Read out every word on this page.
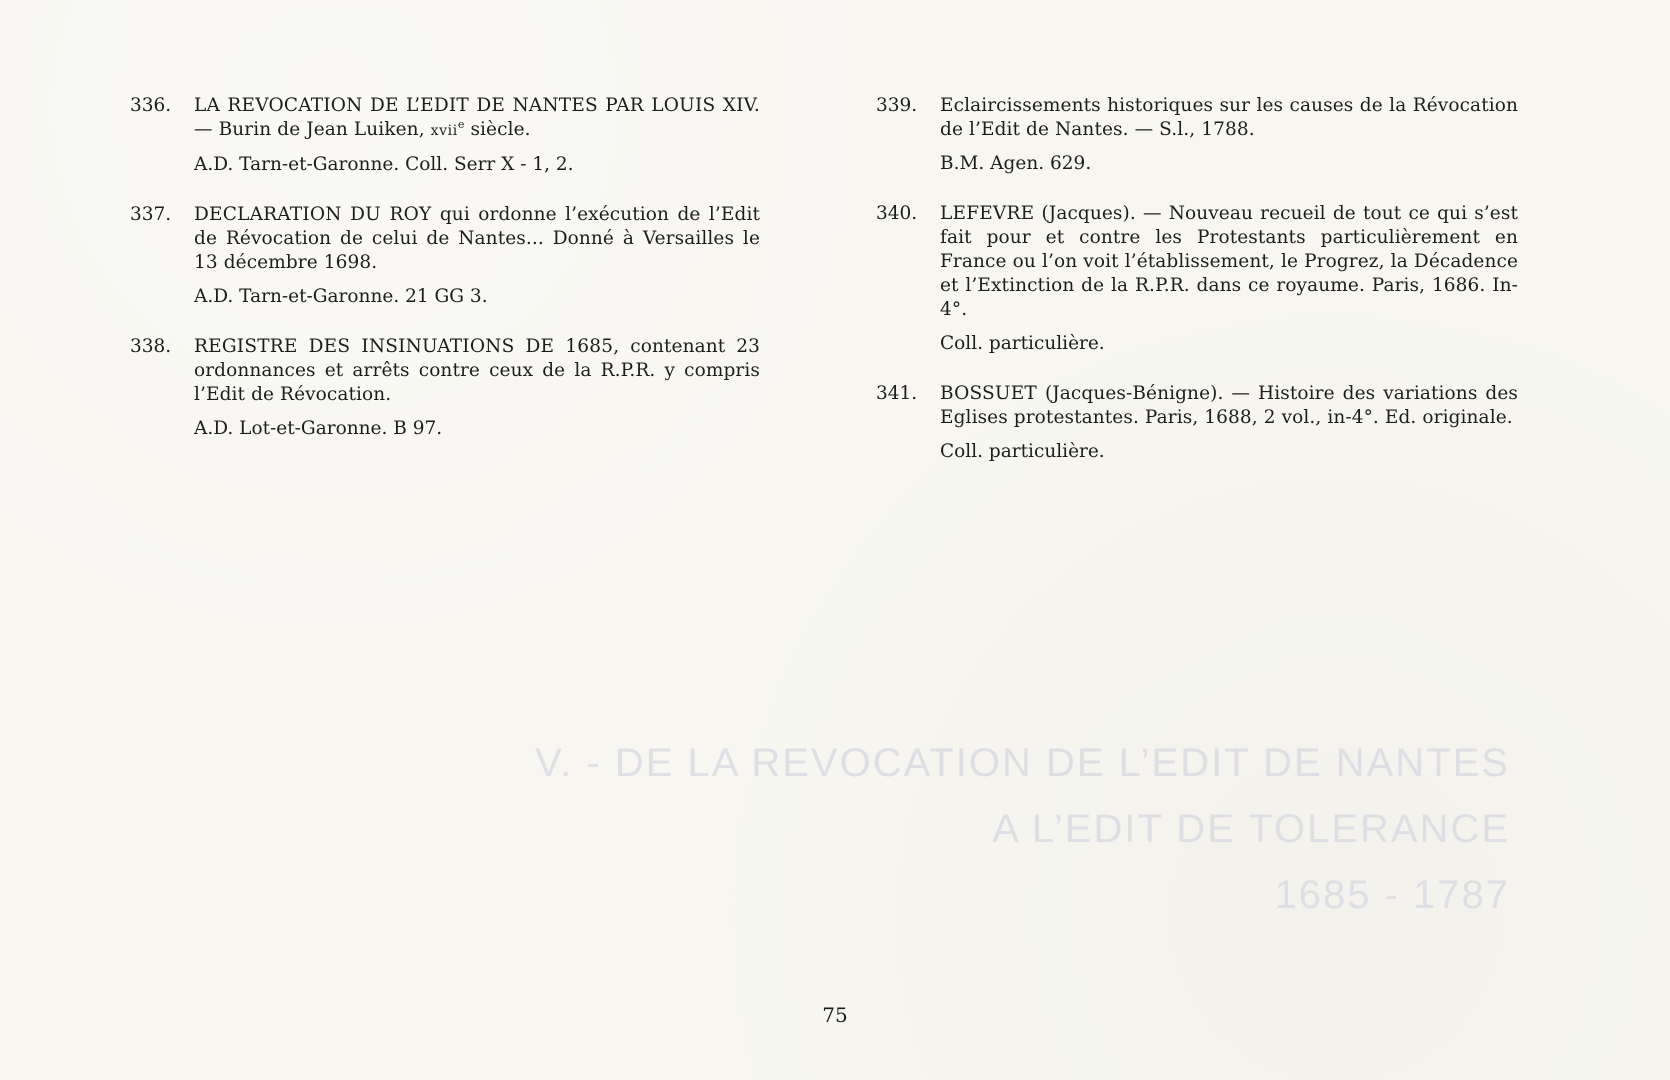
336.	LA REVOCATION DE L’EDIT DE NANTES PAR LOUIS XIV. — Burin de Jean Luiken, xvii$^e$ siècle.
A.D. Tarn-et-Garonne. Coll. Serr X - 1, 2.
337.	DECLARATION DU ROY qui ordonne l’exécution de l’Edit de Révocation de celui de Nantes... Donné à Versailles le 13 décembre 1698.
A.D. Tarn-et-Garonne. 21 GG 3.
338.	REGISTRE DES INSINUATIONS DE 1685, contenant 23 ordonnances et arrêts contre ceux de la R.P.R. y compris l’Edit de Révocation.
A.D. Lot-et-Garonne. B 97.
339.	Eclaircissements historiques sur les causes de la Révocation de l’Edit de Nantes. — S.l., 1788.
B.M. Agen. 629.
340.	LEFEVRE (Jacques). — Nouveau recueil de tout ce qui s’est fait pour et contre les Protestants particulièrement en France ou l’on voit l’établissement, le Progrez, la Décadence et l’Extinction de la R.P.R. dans ce royaume. Paris, 1686. In-4°.
Coll. particulière.
341.	BOSSUET (Jacques-Bénigne). — Histoire des variations des Eglises protestantes. Paris, 1688, 2 vol., in-4°. Ed. originale.
Coll. particulière.
V. - DE LA REVOCATION DE L’EDIT DE NANTES
A L’EDIT DE TOLERANCE
1685 - 1787
75
